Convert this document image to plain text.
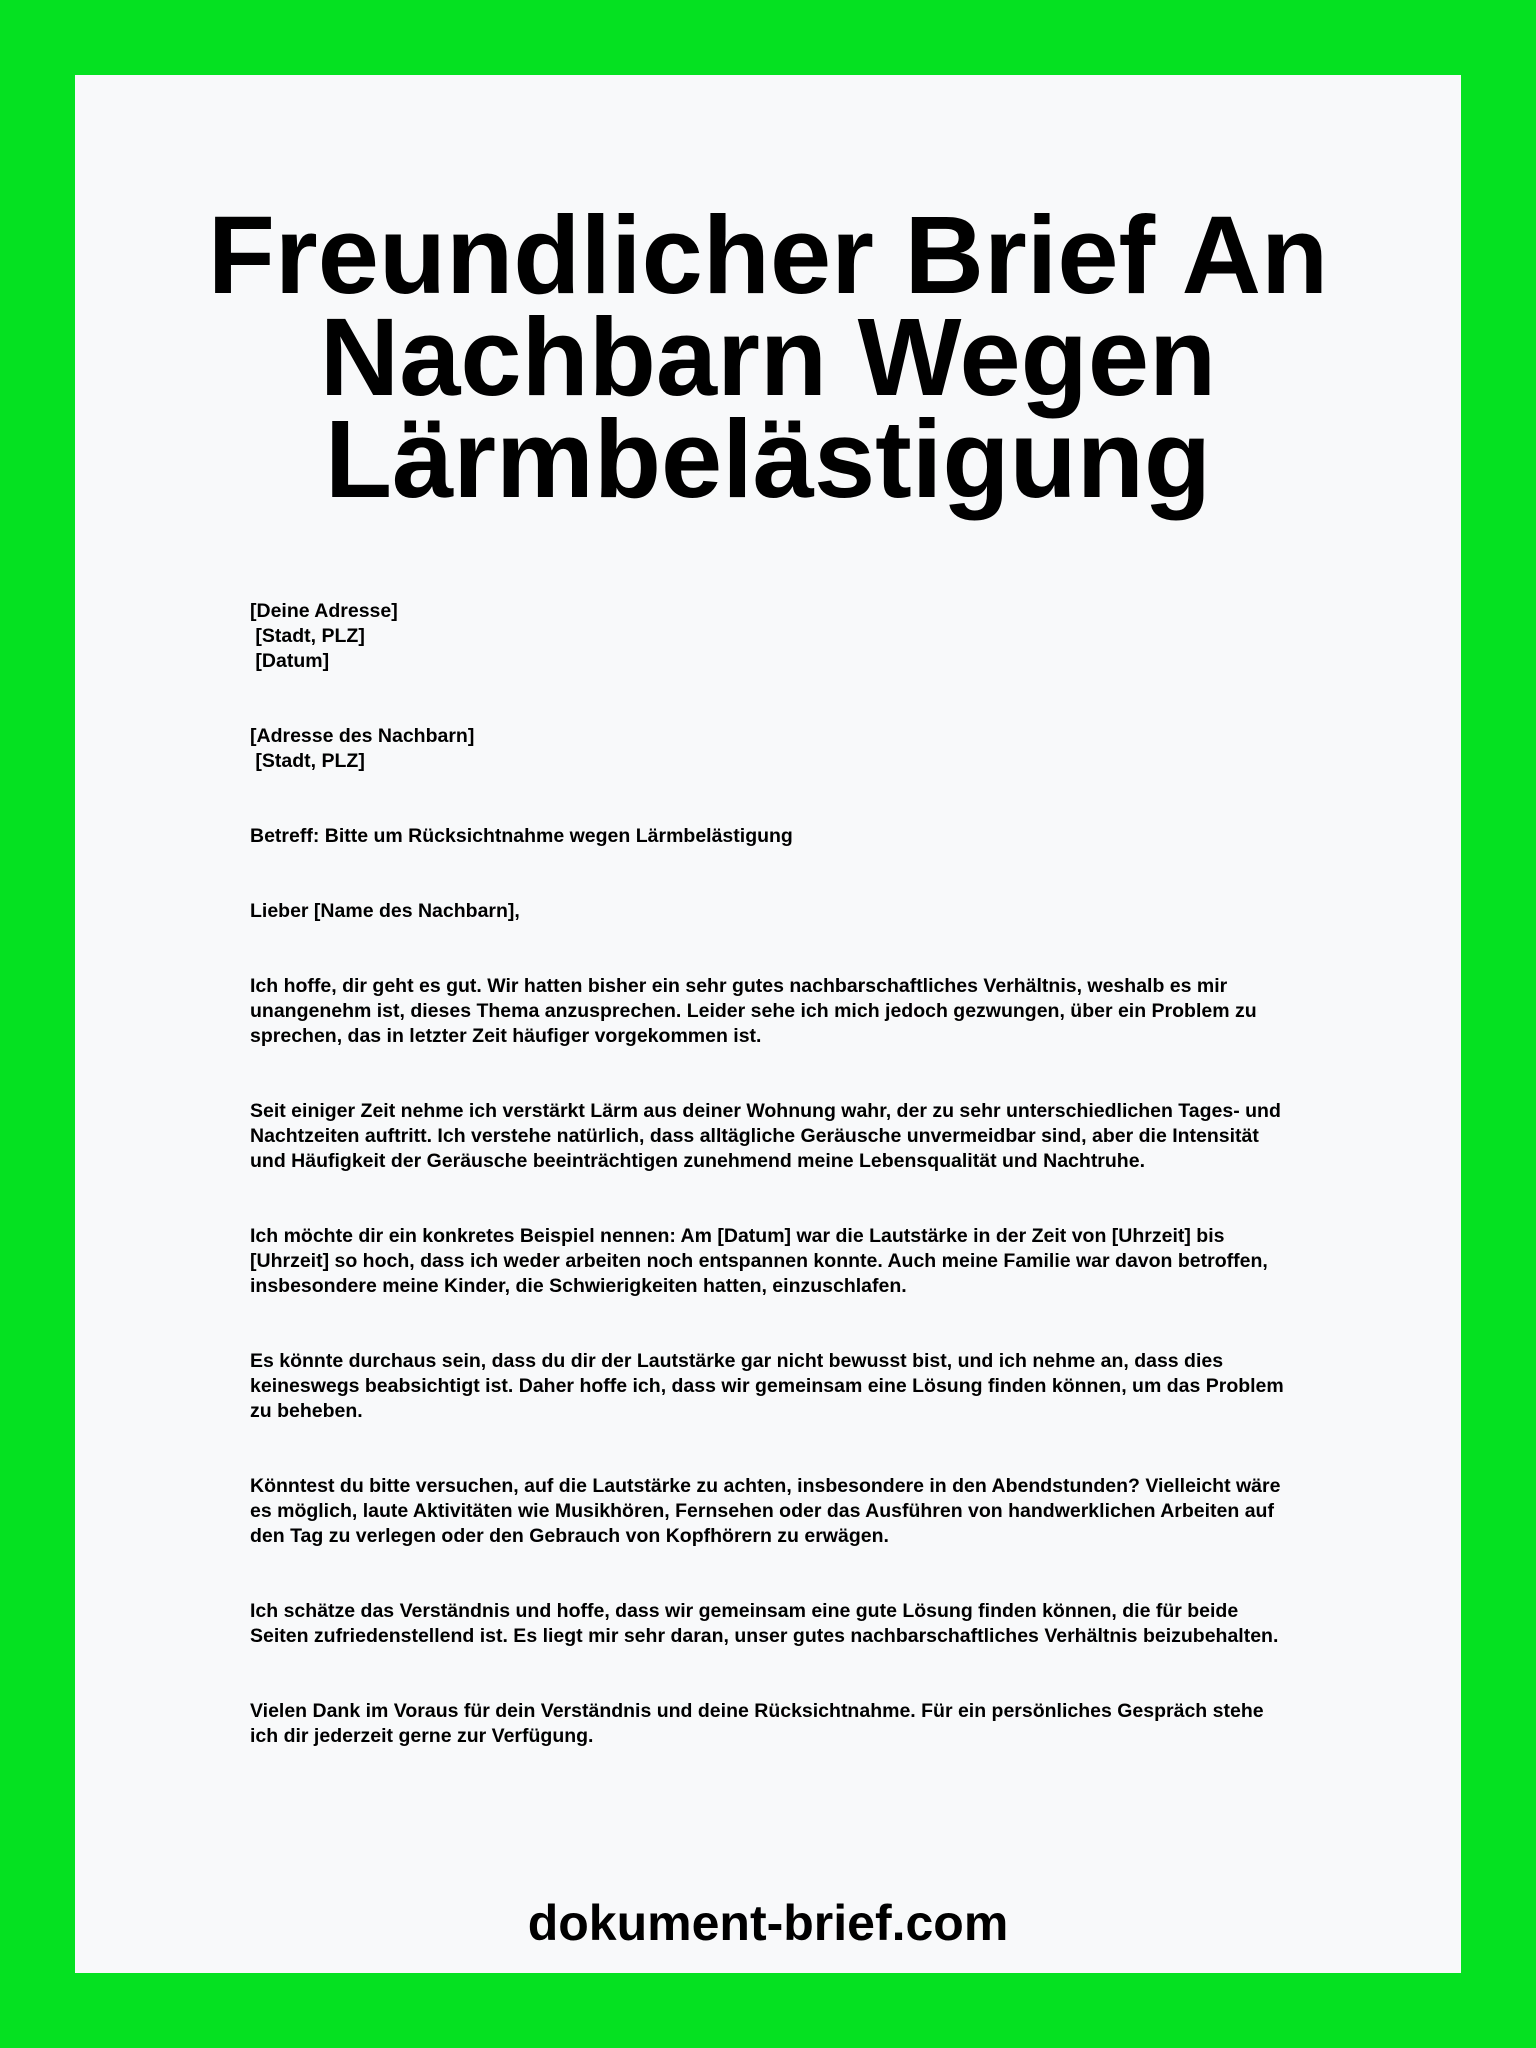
Freundlicher Brief An
Nachbarn Wegen
Lärmbelästigung
[Deine Adresse]
[Stadt, PLZ]
[Datum]
[Adresse des Nachbarn]
[Stadt, PLZ]

Betreff: Bitte um Rücksichtnahme wegen Lärmbelästigung

Lieber [Name des Nachbarn],

Ich hoffe, dir geht es gut. Wir hatten bisher ein sehr gutes nachbarschaftliches Verhältnis, weshalb es mir unangenehm ist, dieses Thema anzusprechen. Leider sehe ich mich jedoch gezwungen, über ein Problem zu sprechen, das in letzter Zeit häufiger vorgekommen ist.

Seit einiger Zeit nehme ich verstärkt Lärm aus deiner Wohnung wahr, der zu sehr unterschiedlichen Tages- und Nachtzeiten auftritt. Ich verstehe natürlich, dass alltägliche Geräusche unvermeidbar sind, aber die Intensität und Häufigkeit der Geräusche beeinträchtigen zunehmend meine Lebensqualität und Nachtruhe.

Ich möchte dir ein konkretes Beispiel nennen: Am [Datum] war die Lautstärke in der Zeit von [Uhrzeit] bis [Uhrzeit] so hoch, dass ich weder arbeiten noch entspannen konnte. Auch meine Familie war davon betroffen, insbesondere meine Kinder, die Schwierigkeiten hatten, einzuschlafen.

Es könnte durchaus sein, dass du dir der Lautstärke gar nicht bewusst bist, und ich nehme an, dass dies keineswegs beabsichtigt ist. Daher hoffe ich, dass wir gemeinsam eine Lösung finden können, um das Problem zu beheben.

Könntest du bitte versuchen, auf die Lautstärke zu achten, insbesondere in den Abendstunden? Vielleicht wäre es möglich, laute Aktivitäten wie Musikhören, Fernsehen oder das Ausführen von handwerklichen Arbeiten auf den Tag zu verlegen oder den Gebrauch von Kopfhörern zu erwägen.

Ich schätze das Verständnis und hoffe, dass wir gemeinsam eine gute Lösung finden können, die für beide Seiten zufriedenstellend ist. Es liegt mir sehr daran, unser gutes nachbarschaftliches Verhältnis beizubehalten.

Vielen Dank im Voraus für dein Verständnis und deine Rücksichtnahme. Für ein persönliches Gespräch stehe ich dir jederzeit gerne zur Verfügung.

dokument-brief.com
